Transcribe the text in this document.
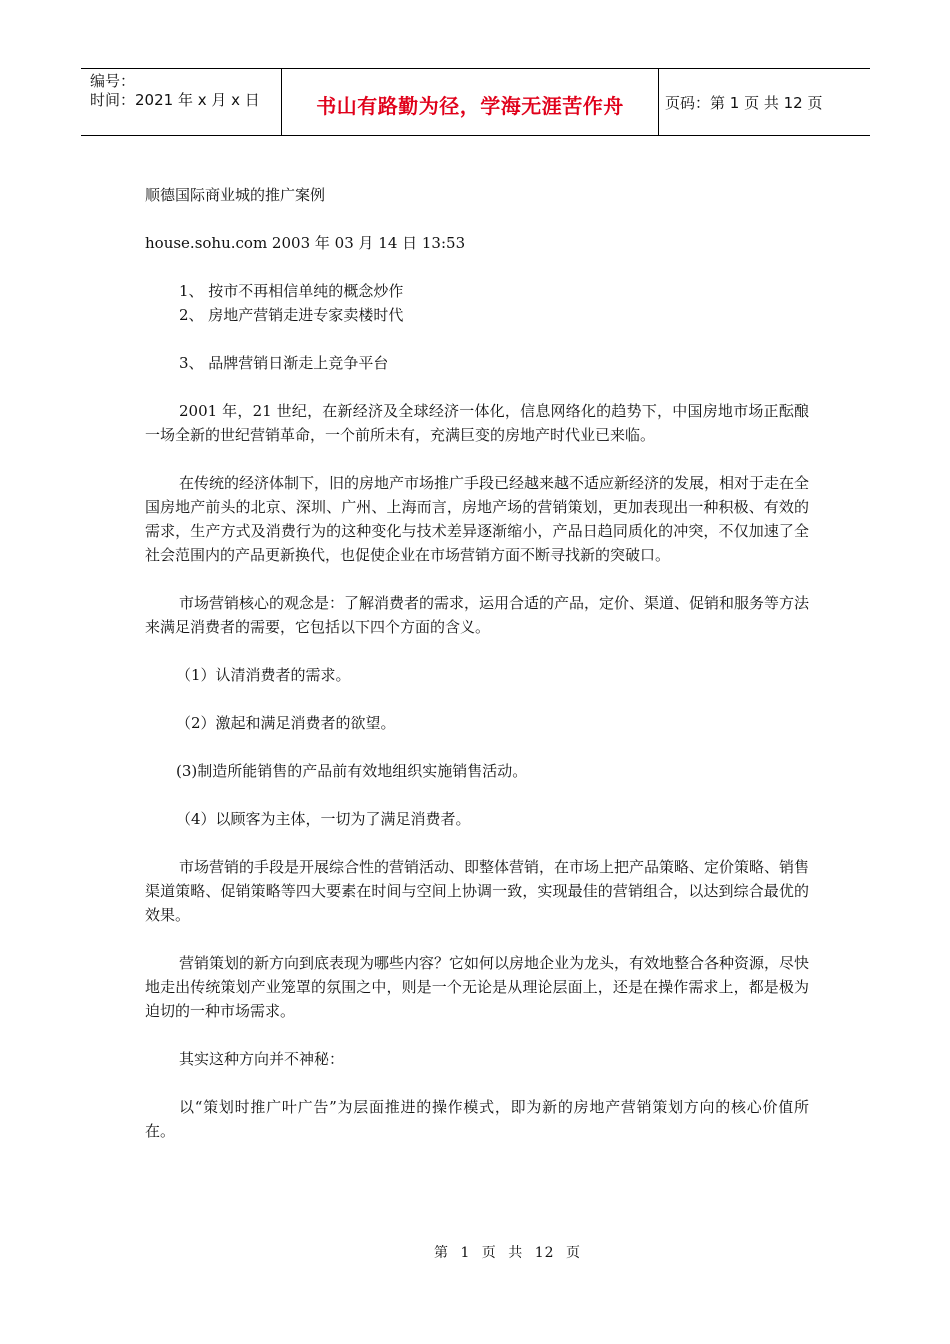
编号：
时间：2021 年 x 月 x 日	书山有路勤为径，学海无涯苦作舟	页码：第 1 页 共 12 页

顺德国际商业城的推广案例

house.sohu.com 2003 年 03 月 14 日 13:53

1、 按市不再相信单纯的概念炒作

2、 房地产营销走进专家卖楼时代

3、 品牌营销日渐走上竞争平台

2001 年，21 世纪，在新经济及全球经济一体化，信息网络化的趋势下，中国房地市场正酝酿一场全新的世纪营销革命，一个前所未有，充满巨变的房地产时代业已来临。

在传统的经济体制下，旧的房地产市场推广手段已经越来越不适应新经济的发展，相对于走在全国房地产前头的北京、深圳、广州、上海而言，房地产场的营销策划，更加表现出一种积极、有效的需求，生产方式及消费行为的这种变化与技术差异逐渐缩小，产品日趋同质化的冲突，不仅加速了全社会范围内的产品更新换代，也促使企业在市场营销方面不断寻找新的突破口。

市场营销核心的观念是：了解消费者的需求，运用合适的产品，定价、渠道、促销和服务等方法来满足消费者的需要，它包括以下四个方面的含义。

（1）认清消费者的需求。

（2）激起和满足消费者的欲望。

(3)制造所能销售的产品前有效地组织实施销售活动。

（4）以顾客为主体，一切为了满足消费者。

市场营销的手段是开展综合性的营销活动、即整体营销，在市场上把产品策略、定价策略、销售渠道策略、促销策略等四大要素在时间与空间上协调一致，实现最佳的营销组合，以达到综合最优的效果。

营销策划的新方向到底表现为哪些内容？它如何以房地企业为龙头，有效地整合各种资源，尽快地走出传统策划产业笼罩的氛围之中，则是一个无论是从理论层面上，还是在操作需求上，都是极为迫切的一种市场需求。

其实这种方向并不神秘：

以“策划时推广叶广告”为层面推进的操作模式，即为新的房地产营销策划方向的核心价值所在。

第 1 页 共 12 页
